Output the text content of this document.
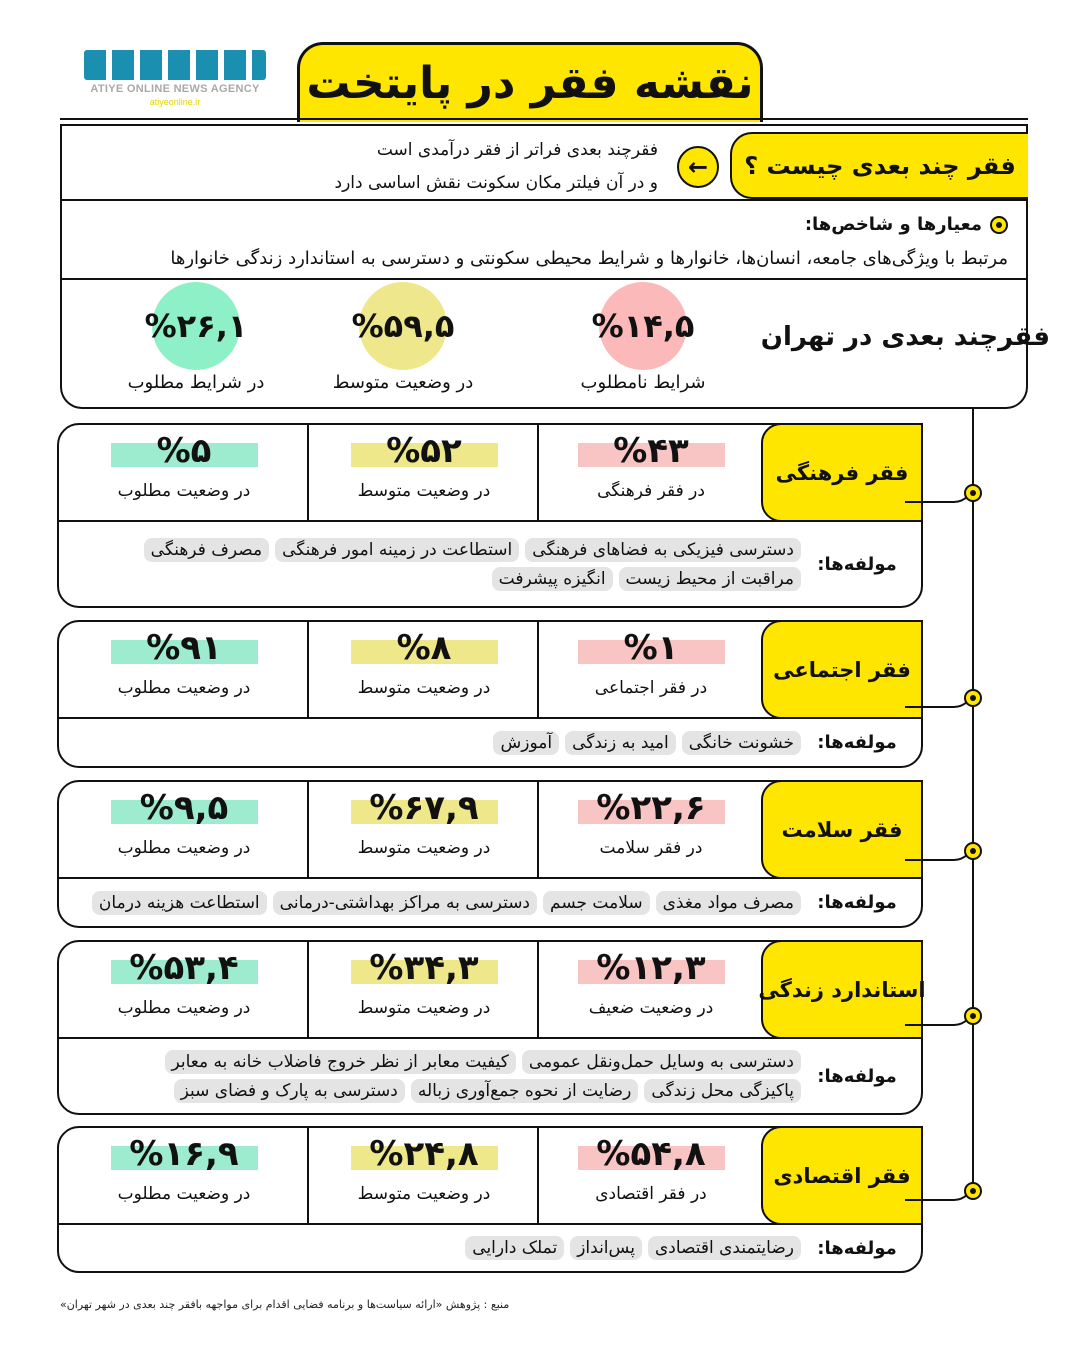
ATIYE ONLINE NEWS AGENCY
atiyeonline.ir	نقشه فقر در پایتخت
فقر چند بعدی چیست ؟
←
فقرچند بعدی فراتر از فقر درآمدی است
و در آن فیلتر مکان سکونت نقش اساسی دارد
معیارها و شاخص‌ها:
مرتبط با ویژگی‌های جامعه، انسان‌ها، خانوارها و شرایط محیطی سکونتی و دسترسی به استاندارد زندگی خانوارها
فقرچند بعدی در تهران
%۱۴,۵
شرایط نامطلوب
%۵۹,۵
در وضعیت متوسط
%۲۶,۱
در شرایط مطلوب
%۴۳
در فقر فرهنگی
%۵۲
در وضعیت متوسط
%۵
در وضعیت مطلوب
فقر فرهنگی
مولفه‌ها:
دسترسی فیزیکی به فضاهای فرهنگی
استطاعت در زمینه امور فرهنگی
مصرف فرهنگی
مراقبت از محیط زیست
انگیزه پیشرفت
%۱
در فقر اجتماعی
%۸
در وضعیت متوسط
%۹۱
در وضعیت مطلوب
فقر اجتماعی
مولفه‌ها:
خشونت خانگی
امید به زندگی
آموزش
%۲۲,۶
در فقر سلامت
%۶۷,۹
در وضعیت متوسط
%۹,۵
در وضعیت مطلوب
فقر سلامت
مولفه‌ها:
مصرف مواد مغذی
سلامت جسم
دسترسی به مراکز بهداشتی-درمانی
استطاعت هزینه درمان
%۱۲,۳
در وضعیت ضعیف
%۳۴,۳
در وضعیت متوسط
%۵۳,۴
در وضعیت مطلوب
استاندارد زندگی
مولفه‌ها:
دسترسی به وسایل حمل‌ونقل عمومی
کیفیت معابر از نظر خروج فاضلاب خانه به معابر
پاکیزگی محل زندگی
رضایت از نحوه جمع‌آوری زباله
دسترسی به پارک و فضای سبز
%۵۴,۸
در فقر اقتصادی
%۲۴,۸
در وضعیت متوسط
%۱۶,۹
در وضعیت مطلوب
فقر اقتصادی
مولفه‌ها:
رضایتمندی اقتصادی
پس‌انداز
تملک دارایی
منبع : پژوهش «ارائه سیاست‌ها و برنامه فضایی اقدام برای مواجهه بافقر چند بعدی در شهر تهران»
